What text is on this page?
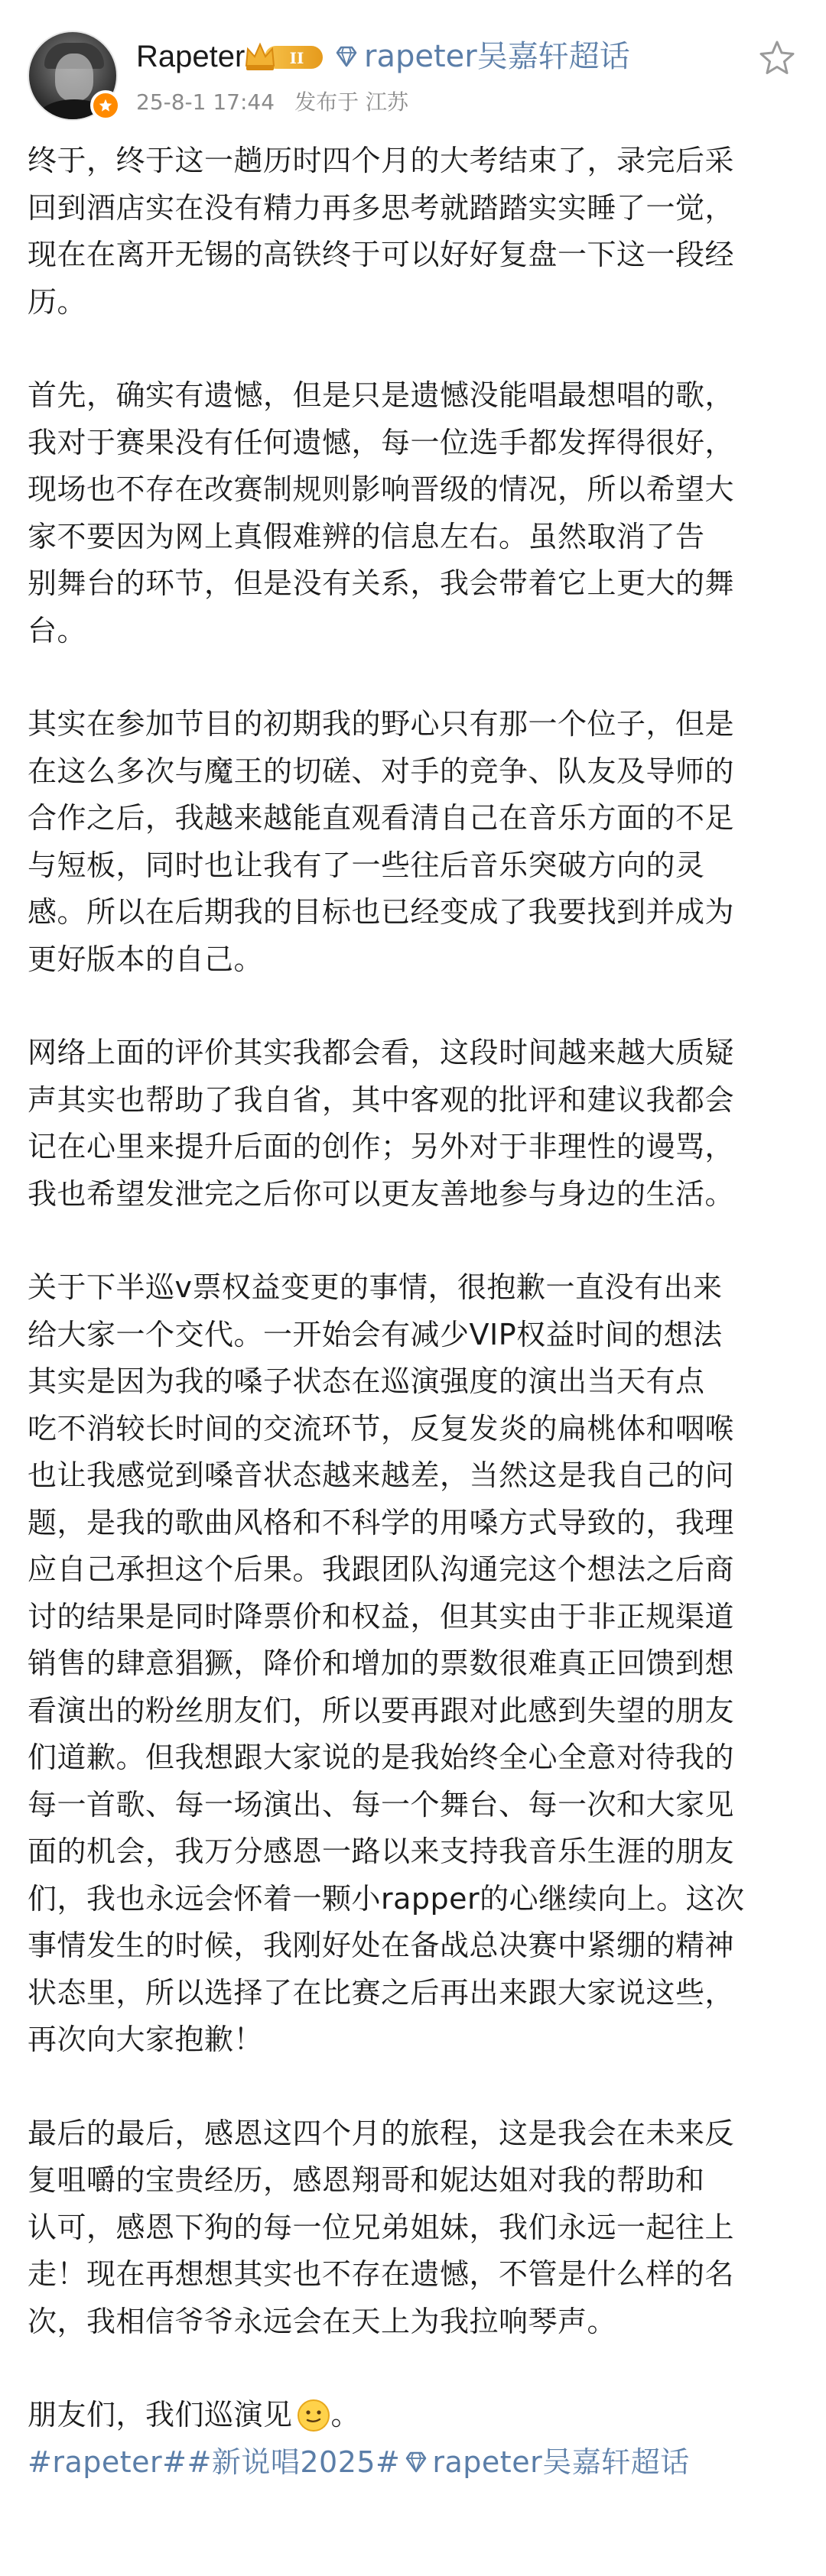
Rapeter	II rapeter吴嘉轩超话
25-8-1 17:44 发布于 江苏
终于，终于这一趟历时四个月的大考结束了，录完后采
回到酒店实在没有精力再多思考就踏踏实实睡了一觉，
现在在离开无锡的高铁终于可以好好复盘一下这一段经
历。
首先，确实有遗憾，但是只是遗憾没能唱最想唱的歌，
我对于赛果没有任何遗憾，每一位选手都发挥得很好，
现场也不存在改赛制规则影响晋级的情况，所以希望大
家不要因为网上真假难辨的信息左右。虽然取消了告
别舞台的环节，但是没有关系，我会带着它上更大的舞
台。
其实在参加节目的初期我的野心只有那一个位子，但是
在这么多次与魔王的切磋、对手的竞争、队友及导师的
合作之后，我越来越能直观看清自己在音乐方面的不足
与短板，同时也让我有了一些往后音乐突破方向的灵
感。所以在后期我的目标也已经变成了我要找到并成为
更好版本的自己。
网络上面的评价其实我都会看，这段时间越来越大质疑
声其实也帮助了我自省，其中客观的批评和建议我都会
记在心里来提升后面的创作；另外对于非理性的谩骂，
我也希望发泄完之后你可以更友善地参与身边的生活。
关于下半巡v票权益变更的事情，很抱歉一直没有出来
给大家一个交代。一开始会有减少VIP权益时间的想法
其实是因为我的嗓子状态在巡演强度的演出当天有点
吃不消较长时间的交流环节，反复发炎的扁桃体和咽喉
也让我感觉到嗓音状态越来越差，当然这是我自己的问
题，是我的歌曲风格和不科学的用嗓方式导致的，我理
应自己承担这个后果。我跟团队沟通完这个想法之后商
讨的结果是同时降票价和权益，但其实由于非正规渠道
销售的肆意猖獗，降价和增加的票数很难真正回馈到想
看演出的粉丝朋友们，所以要再跟对此感到失望的朋友
们道歉。但我想跟大家说的是我始终全心全意对待我的
每一首歌、每一场演出、每一个舞台、每一次和大家见
面的机会，我万分感恩一路以来支持我音乐生涯的朋友
们，我也永远会怀着一颗小rapper的心继续向上。这次
事情发生的时候，我刚好处在备战总决赛中紧绷的精神
状态里，所以选择了在比赛之后再出来跟大家说这些，
再次向大家抱歉！
最后的最后，感恩这四个月的旅程，这是我会在未来反
复咀嚼的宝贵经历，感恩翔哥和妮达姐对我的帮助和
认可，感恩下狗的每一位兄弟姐妹，我们永远一起往上
走！现在再想想其实也不存在遗憾，不管是什么样的名
次，我相信爷爷永远会在天上为我拉响琴声。
朋友们，我们巡演见 。
#rapeter# #新说唱2025# rapeter吴嘉轩超话
